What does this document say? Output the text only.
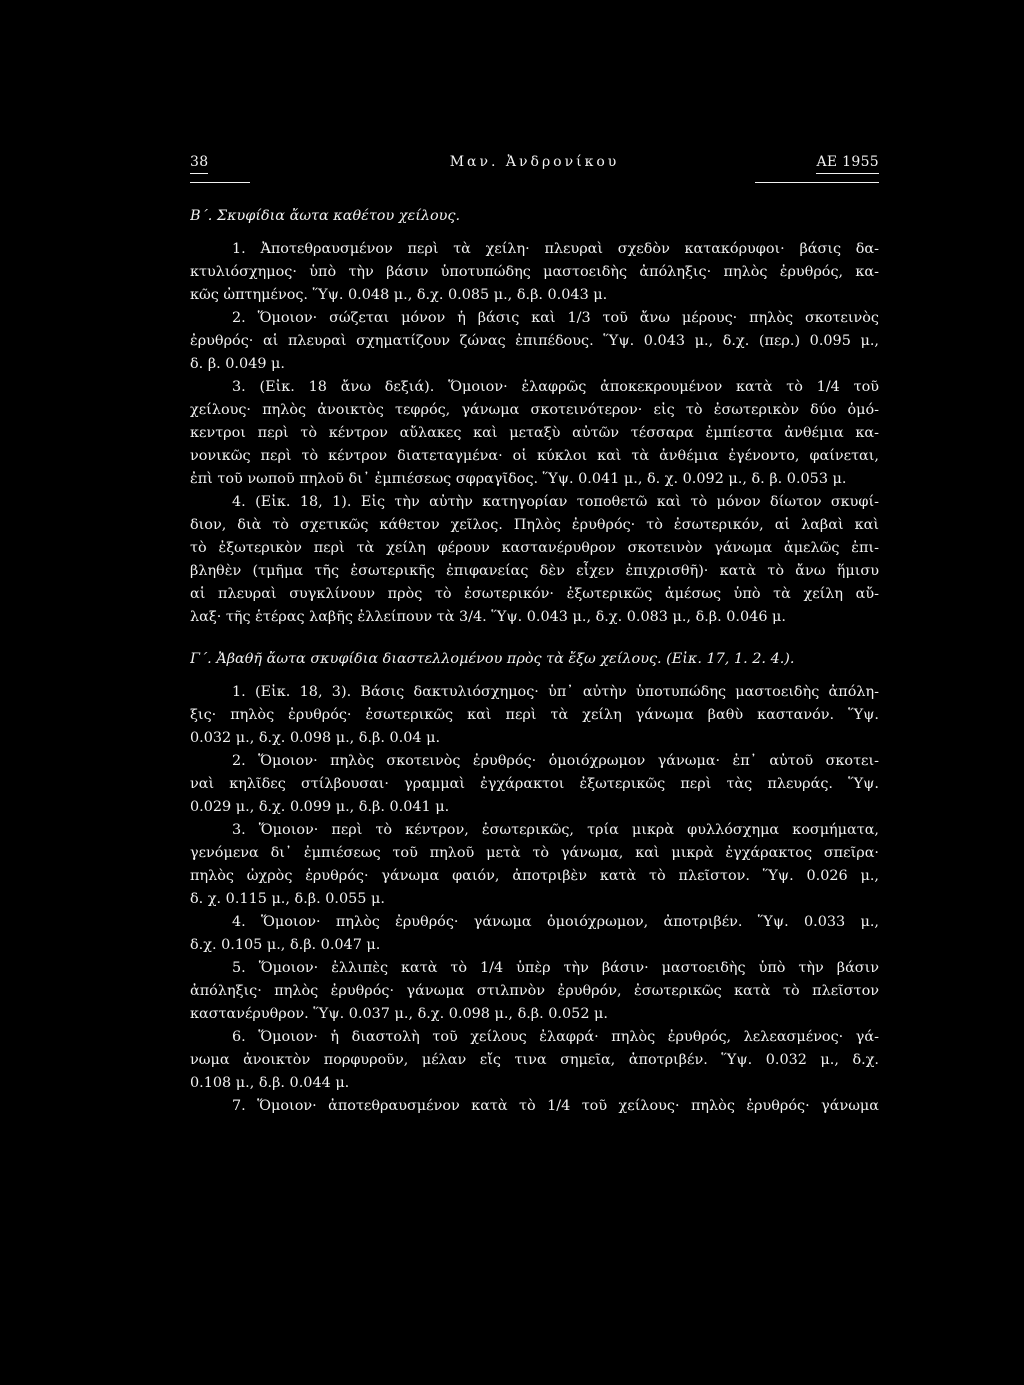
38	Μαν. Ἀνδρονίκου	ΑΕ 1955
Β΄. Σκυφίδια ἄωτα καθέτου χείλους.
1. Ἀποτεθραυσμένον περὶ τὰ χείλη· πλευραὶ σχεδὸν κατακόρυφοι· βάσις δα-
κτυλιόσχημος· ὑπὸ τὴν βάσιν ὑποτυπώδης μαστοειδὴς ἀπόληξις· πηλὸς ἐρυθρός, κα-
κῶς ὠπτημένος. Ὕψ. 0.048 μ., δ.χ. 0.085 μ., δ.β. 0.043 μ.
2. Ὅμοιον· σώζεται μόνον ἡ βάσις καὶ 1/3 τοῦ ἄνω μέρους· πηλὸς σκοτεινὸς
ἐρυθρός· αἱ πλευραὶ σχηματίζουν ζώνας ἐπιπέδους. Ὕψ. 0.043 μ., δ.χ. (περ.) 0.095 μ.,
δ. β. 0.049 μ.
3. (Εἰκ. 18 ἄνω δεξιά). Ὅμοιον· ἐλαφρῶς ἀποκεκρουμένον κατὰ τὸ 1/4 τοῦ
χείλους· πηλὸς ἀνοικτὸς τεφρός, γάνωμα σκοτεινότερον· εἰς τὸ ἐσωτερικὸν δύο ὁμό-
κεντροι περὶ τὸ κέντρον αὔλακες καὶ μεταξὺ αὐτῶν τέσσαρα ἐμπίεστα ἀνθέμια κα-
νονικῶς περὶ τὸ κέντρον διατεταγμένα· οἱ κύκλοι καὶ τὰ ἀνθέμια ἐγένοντο, φαίνεται,
ἐπὶ τοῦ νωποῦ πηλοῦ δι᾽ ἐμπιέσεως σφραγῖδος. Ὕψ. 0.041 μ., δ. χ. 0.092 μ., δ. β. 0.053 μ.
4. (Εἰκ. 18, 1). Εἰς τὴν αὐτὴν κατηγορίαν τοποθετῶ καὶ τὸ μόνον δίωτον σκυφί-
διον, διὰ τὸ σχετικῶς κάθετον χεῖλος. Πηλὸς ἐρυθρός· τὸ ἐσωτερικόν, αἱ λαβαὶ καὶ
τὸ ἐξωτερικὸν περὶ τὰ χείλη φέρουν καστανέρυθρον σκοτεινὸν γάνωμα ἀμελῶς ἐπι-
βληθὲν (τμῆμα τῆς ἐσωτερικῆς ἐπιφανείας δὲν εἶχεν ἐπιχρισθῆ)· κατὰ τὸ ἄνω ἥμισυ
αἱ πλευραὶ συγκλίνουν πρὸς τὸ ἐσωτερικόν· ἐξωτερικῶς ἀμέσως ὑπὸ τὰ χείλη αὔ-
λαξ· τῆς ἑτέρας λαβῆς ἐλλείπουν τὰ 3/4. Ὕψ. 0.043 μ., δ.χ. 0.083 μ., δ.β. 0.046 μ.
Γ΄. Ἀβαθῆ ἄωτα σκυφίδια διαστελλομένου πρὸς τὰ ἔξω χείλους. (Εἰκ. 17, 1. 2. 4.).
1. (Εἰκ. 18, 3). Βάσις δακτυλιόσχημος· ὑπ᾽ αὐτὴν ὑποτυπώδης μαστοειδὴς ἀπόλη-
ξις· πηλὸς ἐρυθρός· ἐσωτερικῶς καὶ περὶ τὰ χείλη γάνωμα βαθὺ καστανόν. Ὕψ.
0.032 μ., δ.χ. 0.098 μ., δ.β. 0.04 μ.
2. Ὅμοιον· πηλὸς σκοτεινὸς ἐρυθρός· ὁμοιόχρωμον γάνωμα· ἐπ᾽ αὐτοῦ σκοτει-
ναὶ κηλῖδες στίλβουσαι· γραμμαὶ ἐγχάρακτοι ἐξωτερικῶς περὶ τὰς πλευράς. Ὕψ.
0.029 μ., δ.χ. 0.099 μ., δ.β. 0.041 μ.
3. Ὅμοιον· περὶ τὸ κέντρον, ἐσωτερικῶς, τρία μικρὰ φυλλόσχημα κοσμήματα,
γενόμενα δι᾽ ἐμπιέσεως τοῦ πηλοῦ μετὰ τὸ γάνωμα, καὶ μικρὰ ἐγχάρακτος σπεῖρα·
πηλὸς ὠχρὸς ἐρυθρός· γάνωμα φαιόν, ἀποτριβὲν κατὰ τὸ πλεῖστον. Ὕψ. 0.026 μ.,
δ. χ. 0.115 μ., δ.β. 0.055 μ.
4. Ὅμοιον· πηλὸς ἐρυθρός· γάνωμα ὁμοιόχρωμον, ἀποτριβέν. Ὕψ. 0.033 μ.,
δ.χ. 0.105 μ., δ.β. 0.047 μ.
5. Ὅμοιον· ἐλλιπὲς κατὰ τὸ 1/4 ὑπὲρ τὴν βάσιν· μαστοειδὴς ὑπὸ τὴν βάσιν
ἀπόληξις· πηλὸς ἐρυθρός· γάνωμα στιλπνὸν ἐρυθρόν, ἐσωτερικῶς κατὰ τὸ πλεῖστον
καστανέρυθρον. Ὕψ. 0.037 μ., δ.χ. 0.098 μ., δ.β. 0.052 μ.
6. Ὅμοιον· ἡ διαστολὴ τοῦ χείλους ἐλαφρά· πηλὸς ἐρυθρός, λελεασμένος· γά-
νωμα ἀνοικτὸν πορφυροῦν, μέλαν εἴς τινα σημεῖα, ἀποτριβέν. Ὕψ. 0.032 μ., δ.χ.
0.108 μ., δ.β. 0.044 μ.
7. Ὅμοιον· ἀποτεθραυσμένον κατὰ τὸ 1/4 τοῦ χείλους· πηλὸς ἐρυθρός· γάνωμα
